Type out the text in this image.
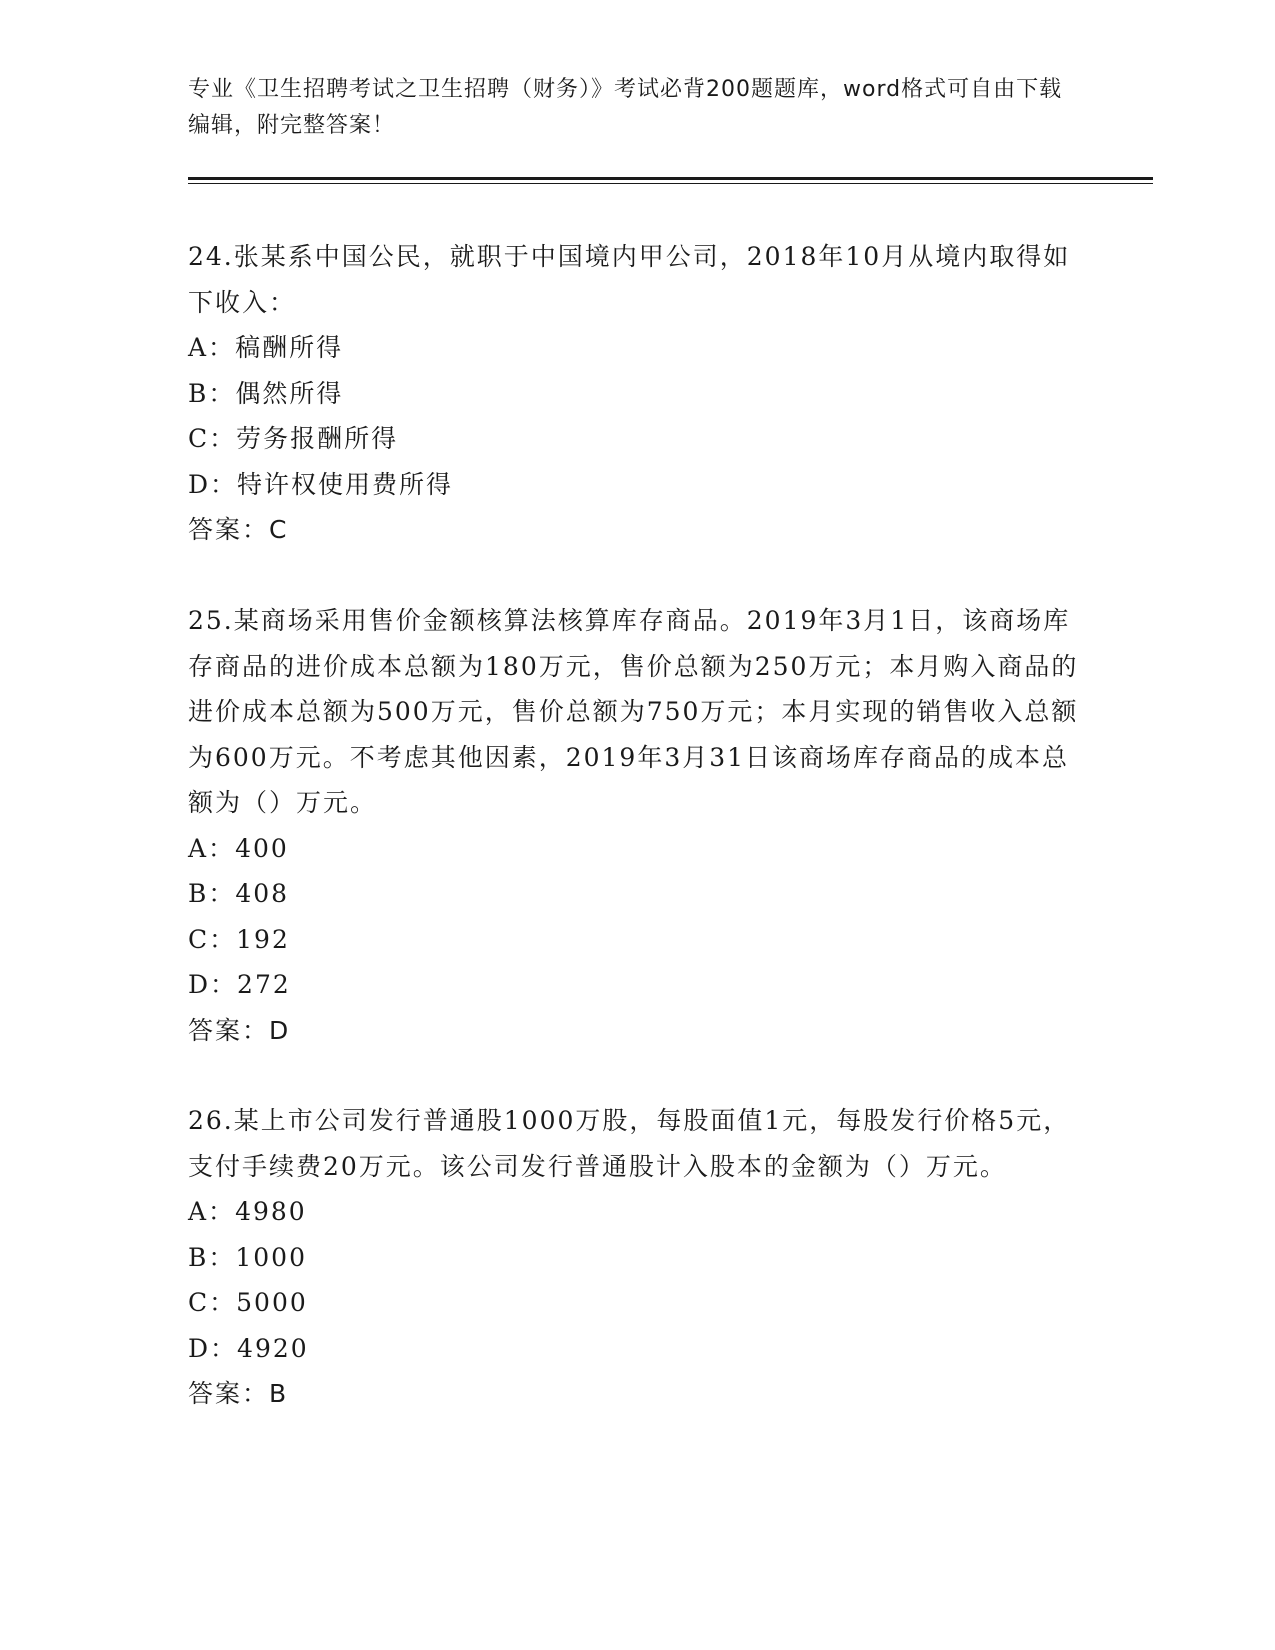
专业《卫生招聘考试之卫生招聘（财务）》考试必背200题题库，word格式可自由下载编辑，附完整答案！

24.张某系中国公民，就职于中国境内甲公司，2018年10月从境内取得如下收入：

A：稿酬所得

B：偶然所得

C：劳务报酬所得

D：特许权使用费所得

答案：C

25.某商场采用售价金额核算法核算库存商品。2019年3月1日，该商场库存商品的进价成本总额为180万元，售价总额为250万元；本月购入商品的进价成本总额为500万元，售价总额为750万元；本月实现的销售收入总额为600万元。不考虑其他因素，2019年3月31日该商场库存商品的成本总额为（）万元。

A：400

B：408

C：192

D：272

答案：D

26.某上市公司发行普通股1000万股，每股面值1元，每股发行价格5元，支付手续费20万元。该公司发行普通股计入股本的金额为（）万元。

A：4980

B：1000

C：5000

D：4920

答案：B
